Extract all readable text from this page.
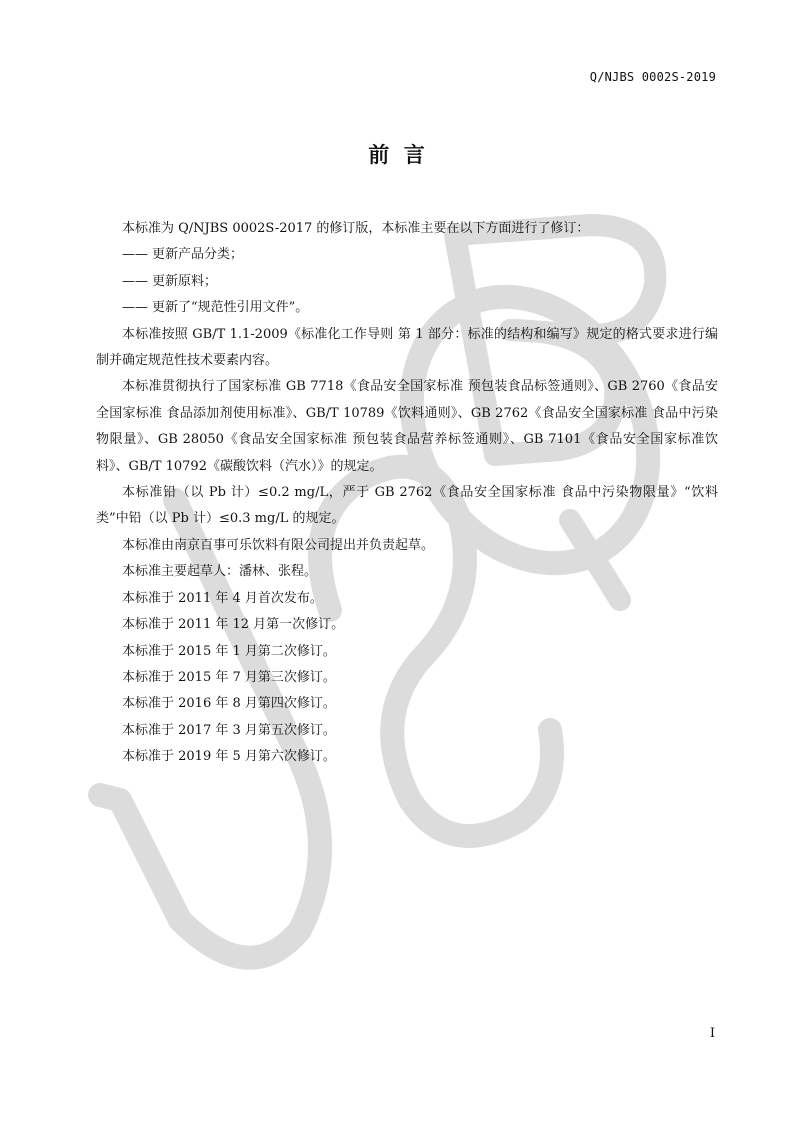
Q/NJBS 0002S-2019
前  言

本标准为 Q/NJBS 0002S-2017 的修订版，本标准主要在以下方面进行了修订：

—— 更新产品分类；
—— 更新原料；
—— 更新了“规范性引用文件”。

本标准按照 GB/T 1.1-2009《标准化工作导则 第 1 部分：标准的结构和编写》规定的格式要求进行编制并确定规范性技术要素内容。

本标准贯彻执行了国家标准 GB 7718《食品安全国家标准 预包装食品标签通则》、GB 2760《食品安全国家标准 食品添加剂使用标准》、GB/T 10789《饮料通则》、GB 2762《食品安全国家标准 食品中污染物限量》、GB 28050《食品安全国家标准 预包装食品营养标签通则》、GB 7101《食品安全国家标准饮料》、GB/T 10792《碳酸饮料（汽水）》的规定。

本标准铅（以 Pb 计）≤0.2 mg/L，严于 GB 2762《食品安全国家标准 食品中污染物限量》“饮料类”中铅（以 Pb 计）≤0.3 mg/L 的规定。

本标准由南京百事可乐饮料有限公司提出并负责起草。

本标准主要起草人：潘林、张程。

本标准于 2011 年 4 月首次发布。

本标准于 2011 年 12 月第一次修订。

本标准于 2015 年 1 月第二次修订。

本标准于 2015 年 7 月第三次修订。

本标准于 2016 年 8 月第四次修订。

本标准于 2017 年 3 月第五次修订。

本标准于 2019 年 5 月第六次修订。

I
